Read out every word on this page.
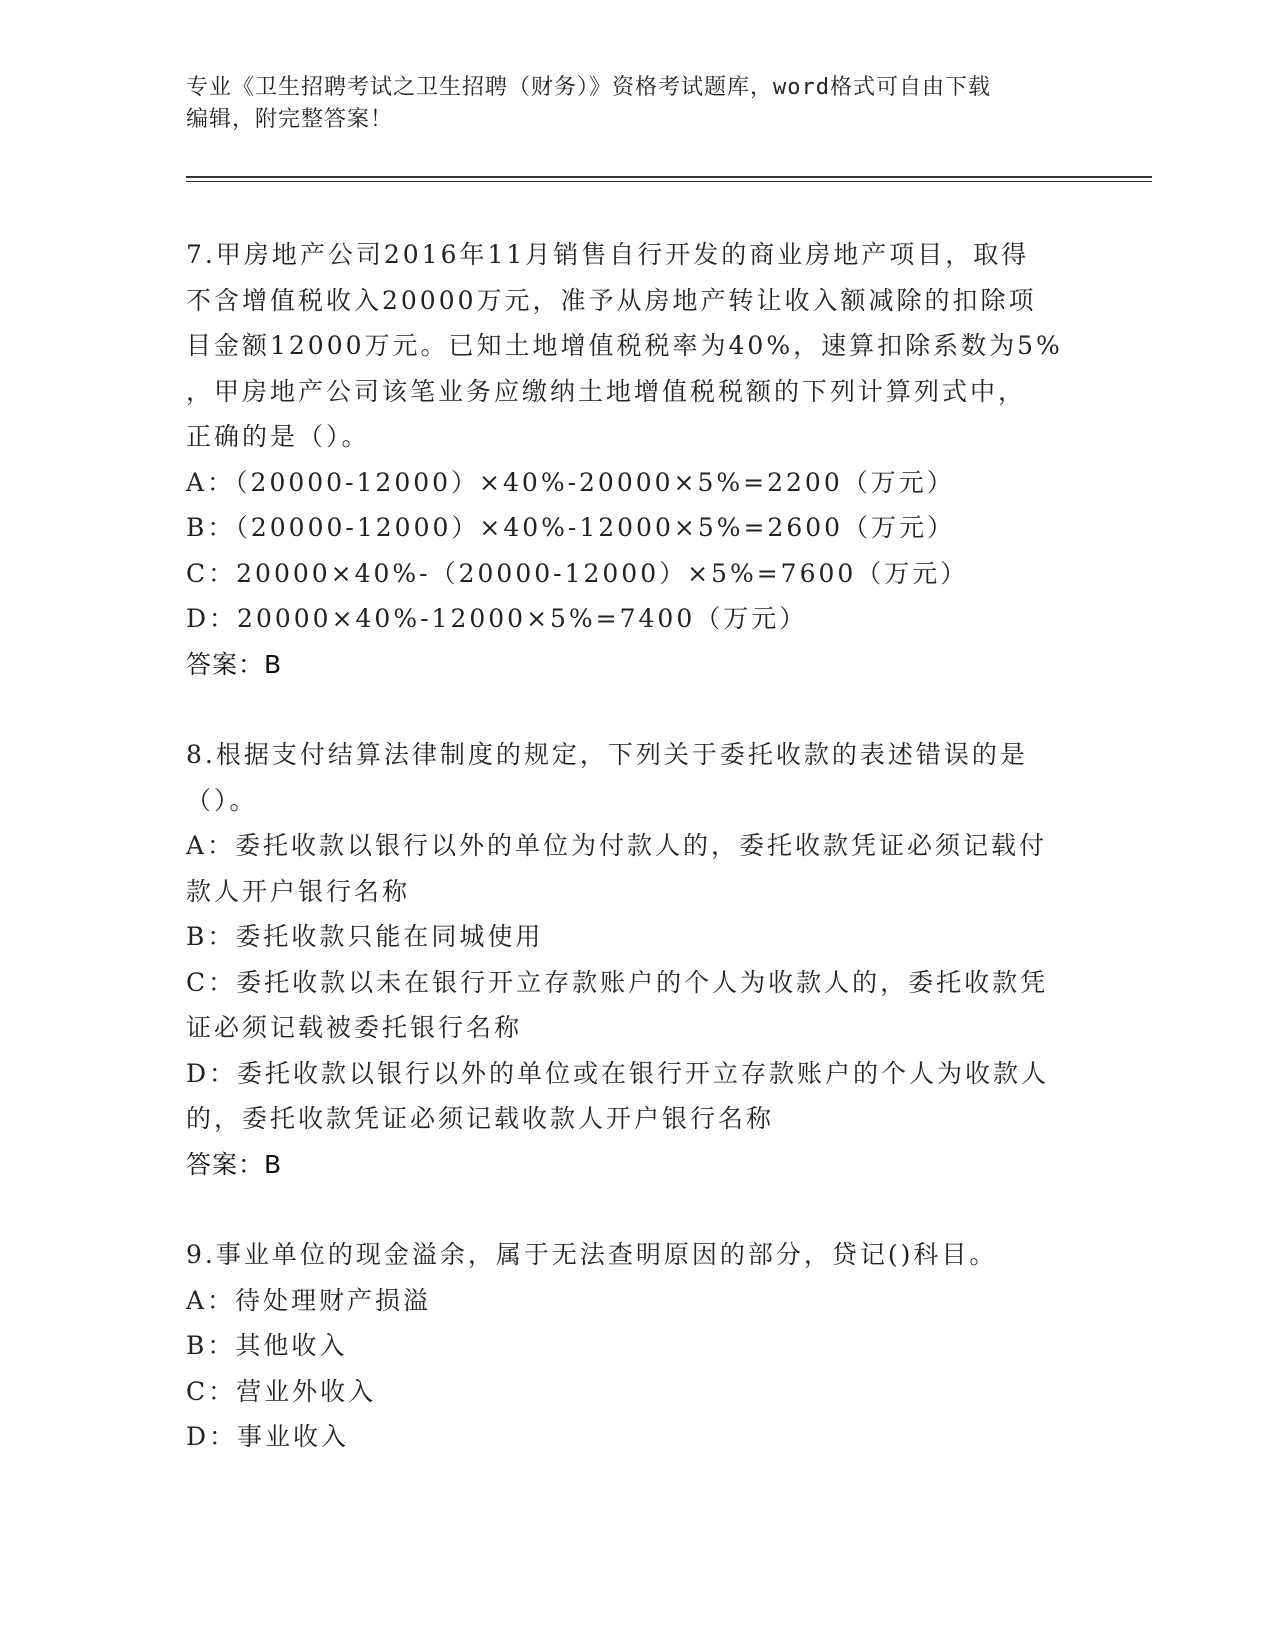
专业《卫生招聘考试之卫生招聘（财务）》资格考试题库，word格式可自由下载
编辑，附完整答案！
7.甲房地产公司2016年11月销售自行开发的商业房地产项目，取得
不含增值税收入20000万元，准予从房地产转让收入额减除的扣除项
目金额12000万元。已知土地增值税税率为40%，速算扣除系数为5%
，甲房地产公司该笔业务应缴纳土地增值税税额的下列计算列式中，
正确的是（）。
A：（20000-12000）×40%-20000×5%=2200（万元）
B：（20000-12000）×40%-12000×5%=2600（万元）
C：20000×40%-（20000-12000）×5%=7600（万元）
D：20000×40%-12000×5%=7400（万元）
答案：B
8.根据支付结算法律制度的规定，下列关于委托收款的表述错误的是
（）。
A：委托收款以银行以外的单位为付款人的，委托收款凭证必须记载付
款人开户银行名称
B：委托收款只能在同城使用
C：委托收款以未在银行开立存款账户的个人为收款人的，委托收款凭
证必须记载被委托银行名称
D：委托收款以银行以外的单位或在银行开立存款账户的个人为收款人
的，委托收款凭证必须记载收款人开户银行名称
答案：B
9.事业单位的现金溢余，属于无法查明原因的部分，贷记()科目。
A：待处理财产损溢
B：其他收入
C：营业外收入
D：事业收入
